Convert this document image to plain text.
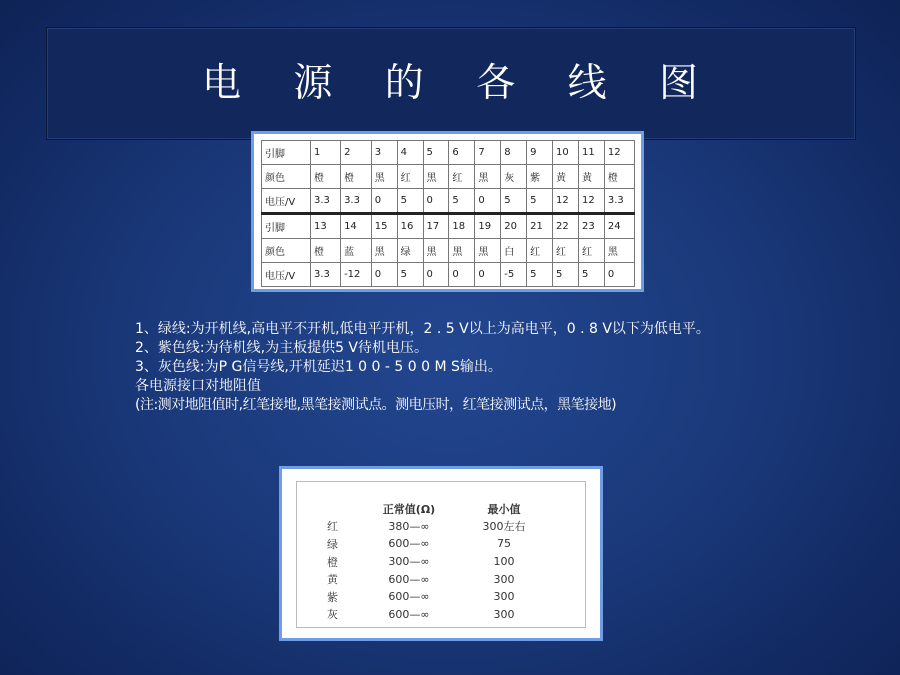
电 源 的 各 线 图
引脚	1	2	3	4	5	6	7	8	9	10	11	12
颜色	橙	橙	黑	红	黑	红	黑	灰	紫	黄	黄	橙
电压/V	3.3	3.3	0	5	0	5	0	5	5	12	12	3.3
引脚	13	14	15	16	17	18	19	20	21	22	23	24
颜色	橙	蓝	黑	绿	黑	黑	黑	白	红	红	红	黑
电压/V	3.3	-12	0	5	0	0	0	-5	5	5	5	0
1、绿线:为开机线,高电平不开机,低电平开机，2 . 5 V以上为高电平，0 . 8 V以下为低电平。
2、紫色线:为待机线,为主板提供5 V待机电压。
3、灰色线:为P G信号线,开机延迟1 0 0 - 5 0 0 M S输出。
各电源接口对地阻值
(注:测对地阻值时,红笔接地,黑笔接测试点。测电压时，红笔接测试点，黑笔接地)
	正常值(Ω)	最小值
红	380—∞	300左右
绿	600—∞	75
橙	300—∞	100
黄	600—∞	300
紫	600—∞	300
灰	600—∞	300
